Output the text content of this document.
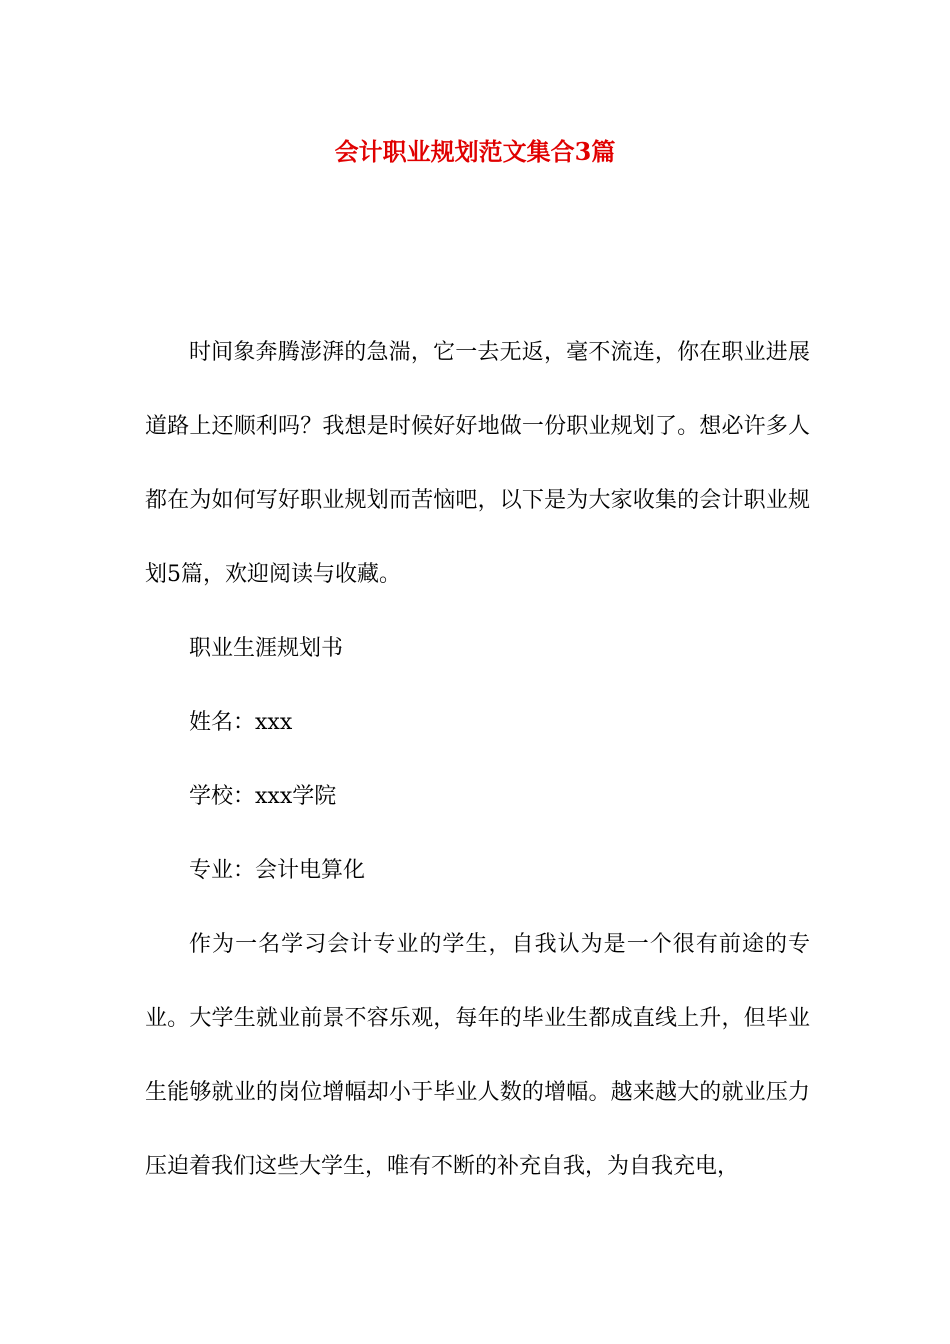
会计职业规划范文集合3篇

时间象奔腾澎湃的急湍，它一去无返，毫不流连，你在职业进展道路上还顺利吗？我想是时候好好地做一份职业规划了。想必许多人都在为如何写好职业规划而苦恼吧，以下是为大家收集的会计职业规划5篇，欢迎阅读与收藏。

职业生涯规划书

姓名：xxx

学校：xxx学院

专业：会计电算化

作为一名学习会计专业的学生，自我认为是一个很有前途的专业。大学生就业前景不容乐观，每年的毕业生都成直线上升，但毕业生能够就业的岗位增幅却小于毕业人数的增幅。越来越大的就业压力压迫着我们这些大学生，唯有不断的补充自我，为自我充电，
